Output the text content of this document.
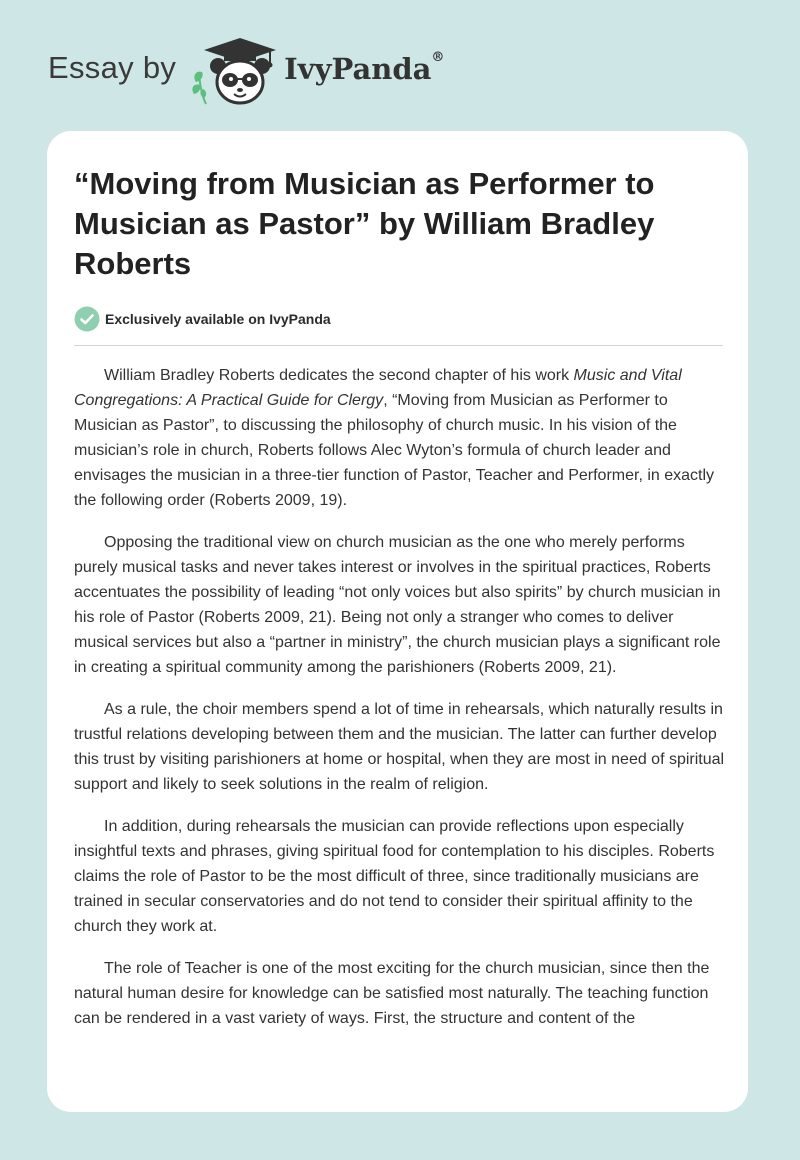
Essay by	IvyPanda®
“Moving from Musician as Performer to Musician as Pastor” by William Bradley Roberts
Exclusively available on IvyPanda

William Bradley Roberts dedicates the second chapter of his work Music and Vital Congregations: A Practical Guide for Clergy, “Moving from Musician as Performer to Musician as Pastor”, to discussing the philosophy of church music. In his vision of the musician’s role in church, Roberts follows Alec Wyton’s formula of church leader and envisages the musician in a three-tier function of Pastor, Teacher and Performer, in exactly the following order (Roberts 2009, 19).

Opposing the traditional view on church musician as the one who merely performs purely musical tasks and never takes interest or involves in the spiritual practices, Roberts accentuates the possibility of leading “not only voices but also spirits” by church musician in his role of Pastor (Roberts 2009, 21). Being not only a stranger who comes to deliver musical services but also a “partner in ministry”, the church musician plays a significant role in creating a spiritual community among the parishioners (Roberts 2009, 21).

As a rule, the choir members spend a lot of time in rehearsals, which naturally results in trustful relations developing between them and the musician. The latter can further develop this trust by visiting parishioners at home or hospital, when they are most in need of spiritual support and likely to seek solutions in the realm of religion.

In addition, during rehearsals the musician can provide reflections upon especially insightful texts and phrases, giving spiritual food for contemplation to his disciples. Roberts claims the role of Pastor to be the most difficult of three, since traditionally musicians are trained in secular conservatories and do not tend to consider their spiritual affinity to the church they work at.

The role of Teacher is one of the most exciting for the church musician, since then the natural human desire for knowledge can be satisfied most naturally. The teaching function can be rendered in a vast variety of ways. First, the structure and content of the
